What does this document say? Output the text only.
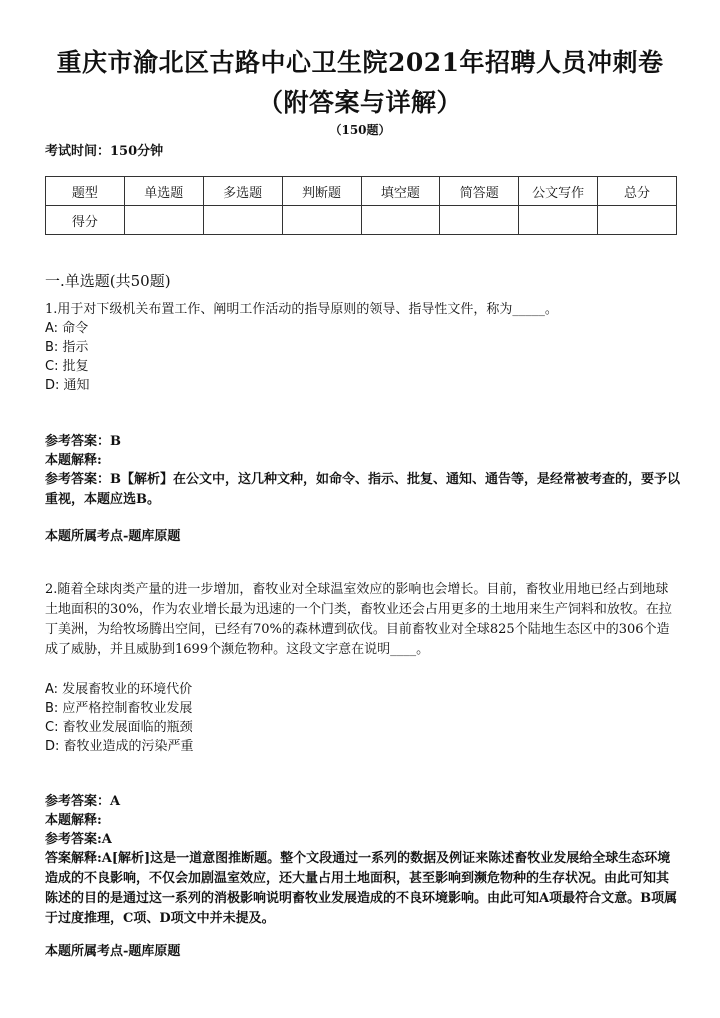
重庆市渝北区古路中心卫生院2021年招聘人员冲刺卷
（附答案与详解）
（150题）
考试时间：150分钟
题型	单选题	多选题	判断题	填空题	简答题	公文写作	总分
得分							
一.单选题(共50题)
1.用于对下级机关布置工作、阐明工作活动的指导原则的领导、指导性文件，称为_____。
A: 命令
B: 指示
C: 批复
D: 通知
参考答案：B
本题解释:
参考答案：B【解析】在公文中，这几种文种，如命令、指示、批复、通知、通告等，是经常被考查的，要予以重视，本题应选B。
本题所属考点-题库原题
2.随着全球肉类产量的进一步增加，畜牧业对全球温室效应的影响也会增长。目前，畜牧业用地已经占到地球土地面积的30%，作为农业增长最为迅速的一个门类，畜牧业还会占用更多的土地用来生产饲料和放牧。在拉丁美洲，为给牧场腾出空间，已经有70%的森林遭到砍伐。目前畜牧业对全球825个陆地生态区中的306个造成了威胁，并且威胁到1699个濒危物种。这段文字意在说明____。
A: 发展畜牧业的环境代价
B: 应严格控制畜牧业发展
C: 畜牧业发展面临的瓶颈
D: 畜牧业造成的污染严重
参考答案：A
本题解释:
参考答案:A
答案解释:A[解析]这是一道意图推断题。整个文段通过一系列的数据及例证来陈述畜牧业发展给全球生态环境造成的不良影响，不仅会加剧温室效应，还大量占用土地面积，甚至影响到濒危物种的生存状况。由此可知其陈述的目的是通过这一系列的消极影响说明畜牧业发展造成的不良环境影响。由此可知A项最符合文意。B项属于过度推理，C项、D项文中并未提及。
本题所属考点-题库原题
